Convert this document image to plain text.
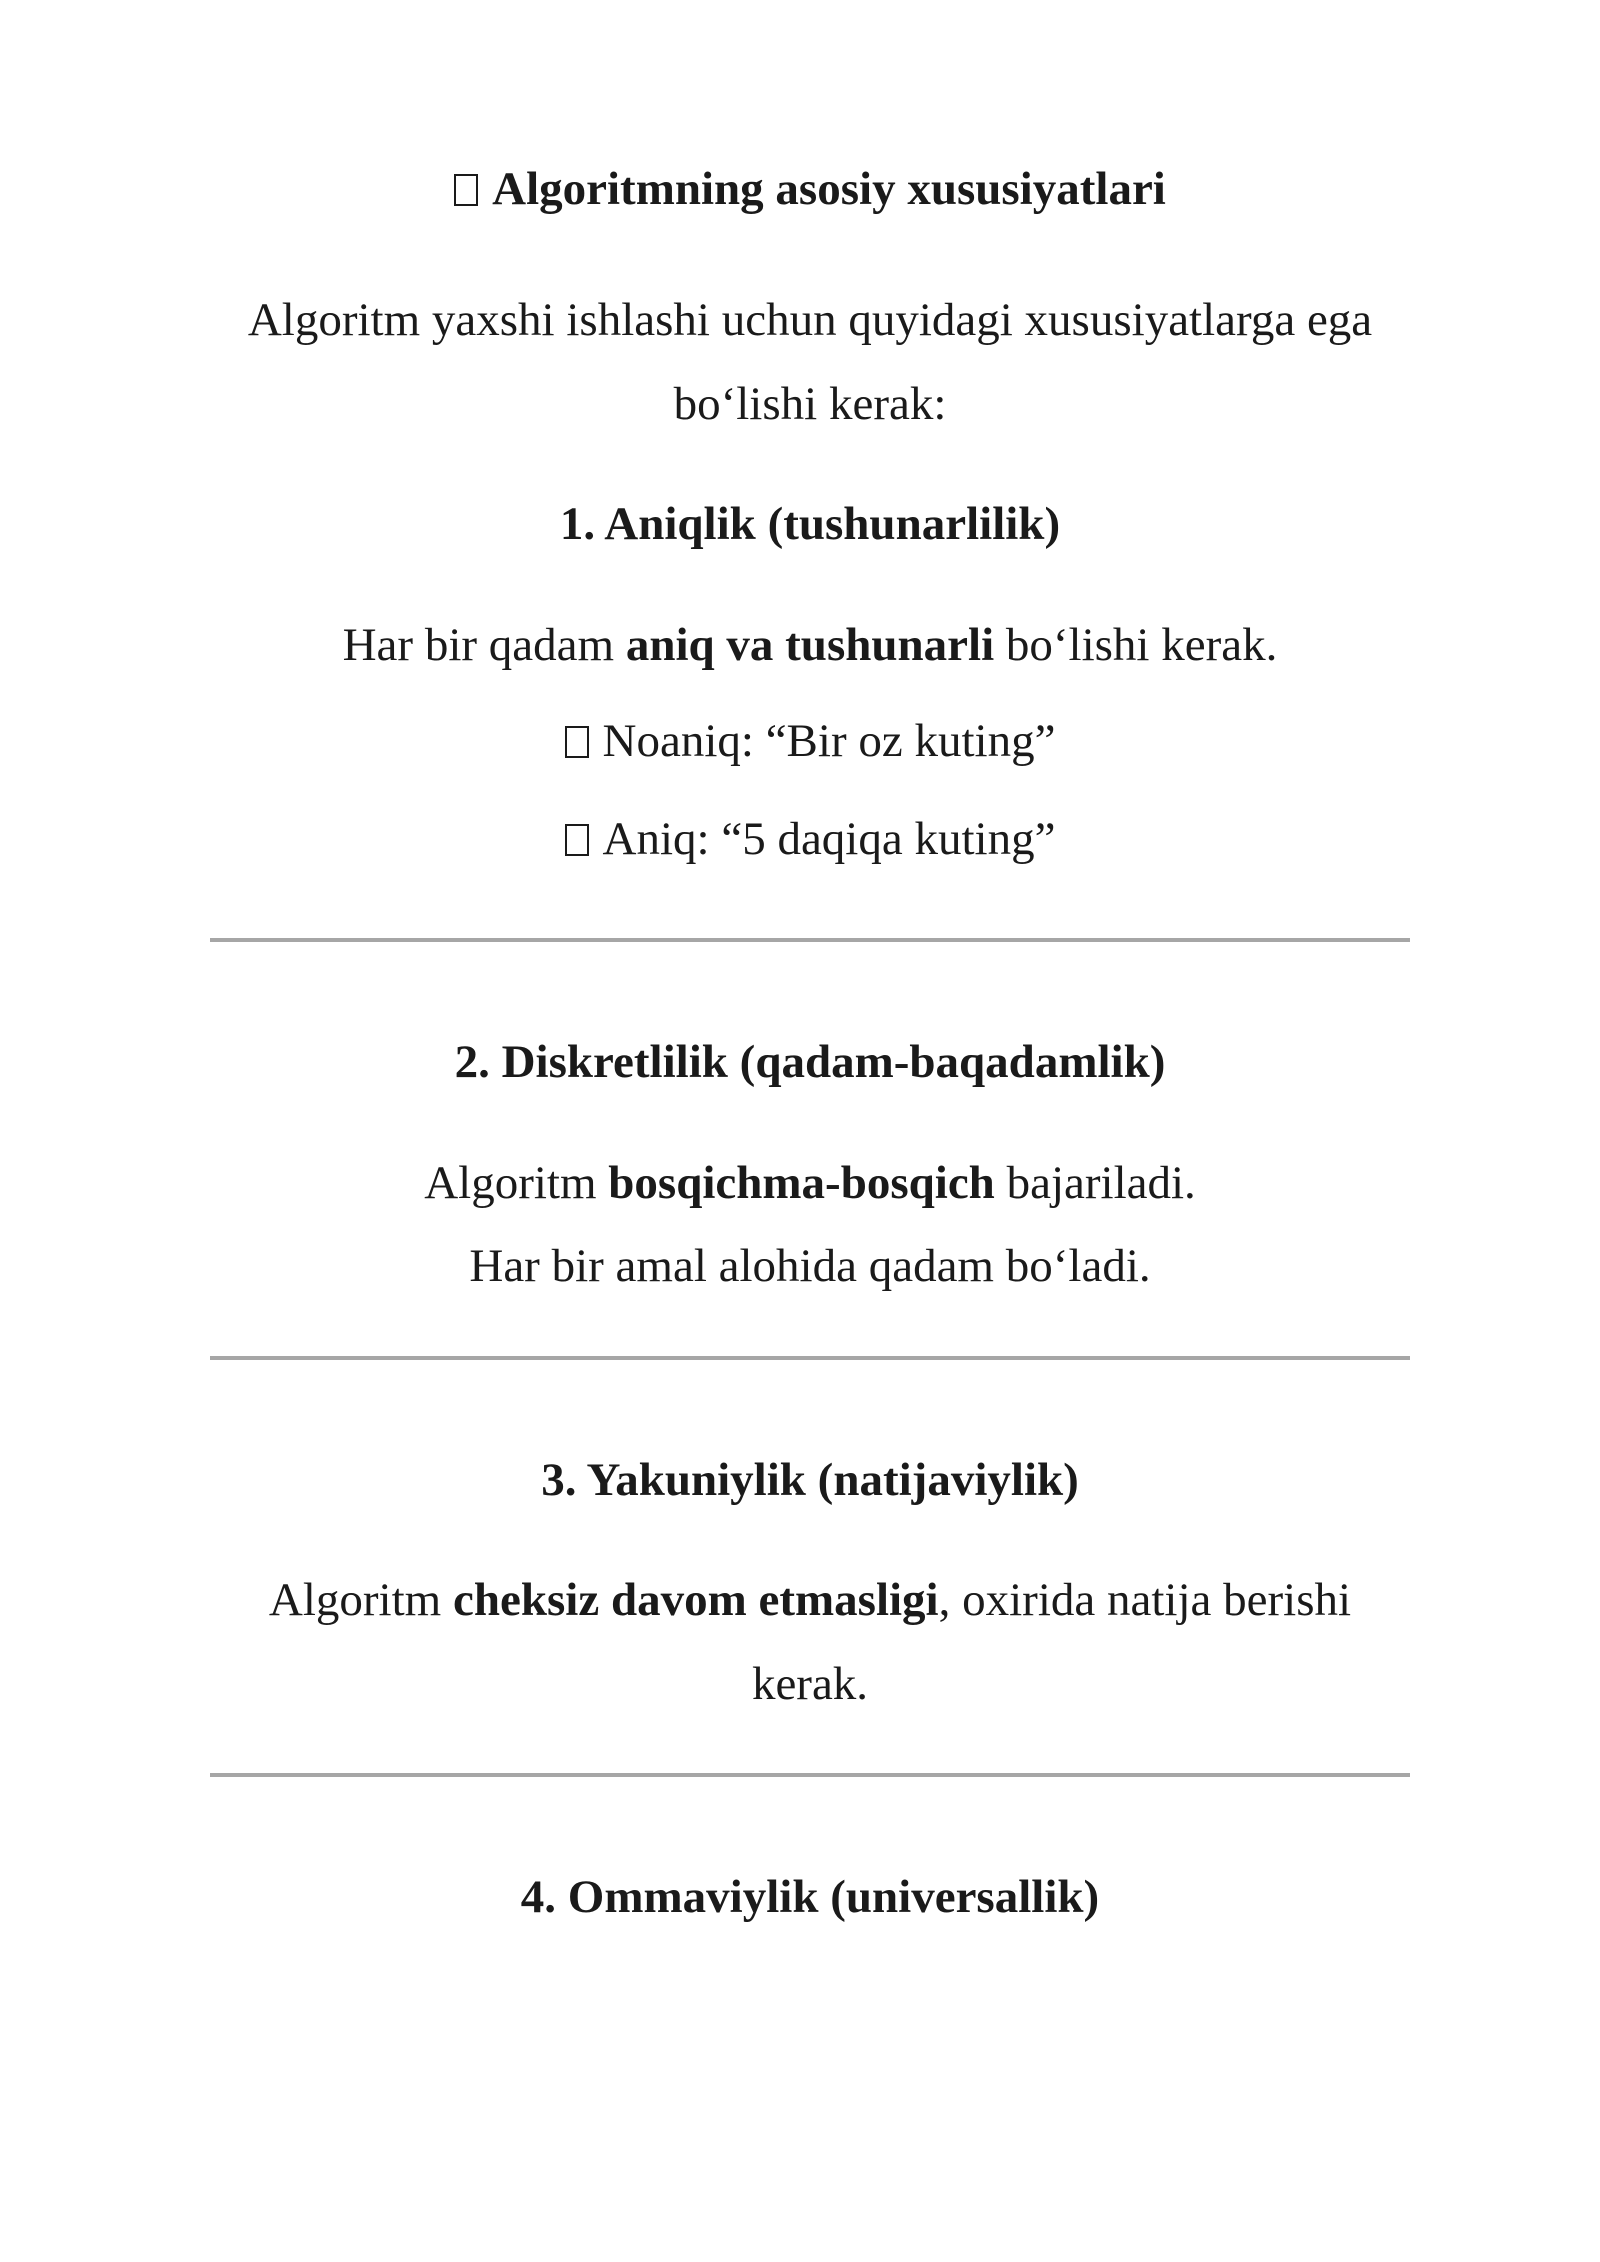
Algoritmning asosiy xususiyatlari
Algoritm yaxshi ishlashi uchun quyidagi xususiyatlarga ega
bo‘lishi kerak:
1. Aniqlik (tushunarlilik)
Har bir qadam aniq va tushunarli bo‘lishi kerak.
Noaniq: “Bir oz kuting”
Aniq: “5 daqiqa kuting”
2. Diskretlilik (qadam-baqadamlik)
Algoritm bosqichma-bosqich bajariladi.
Har bir amal alohida qadam bo‘ladi.
3. Yakuniylik (natijaviylik)
Algoritm cheksiz davom etmasligi, oxirida natija berishi
kerak.
4. Ommaviylik (universallik)
